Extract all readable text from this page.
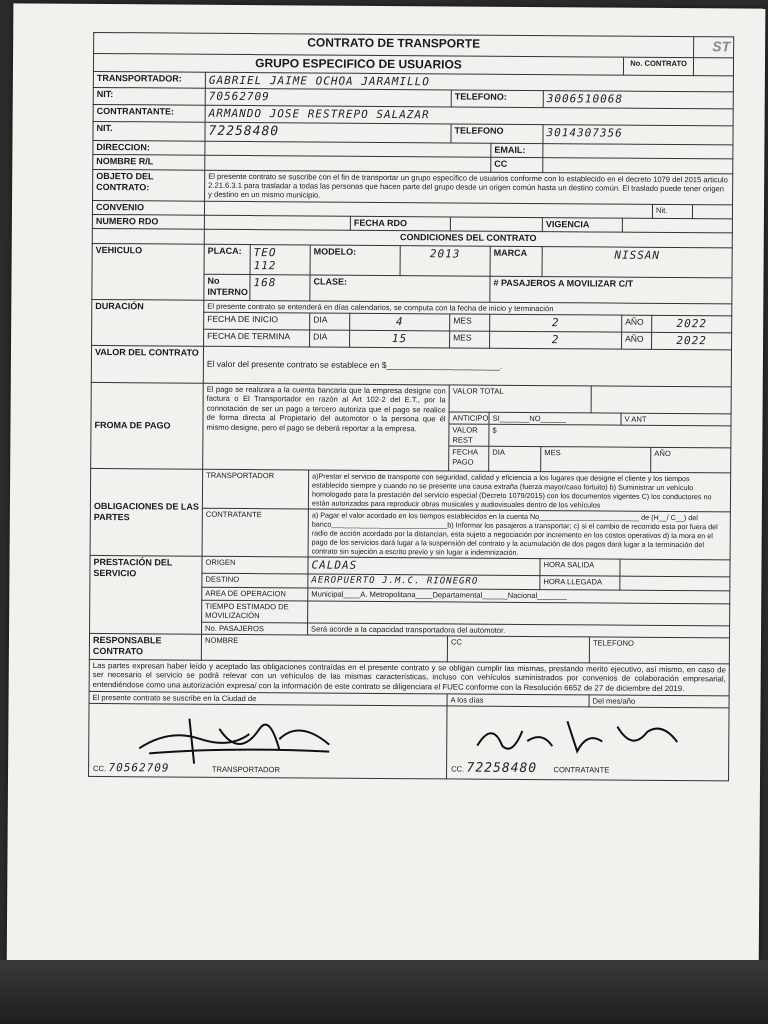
CONTRATO DE TRANSPORTE												ST
GRUPO ESPECIFICO DE USUARIOS										No. CONTRATO		
TRANSPORTADOR:	GABRIEL JAIME OCHOA JARAMILLO											
NIT:	70562709					TELEFONO:		3006510068				
CONTRANTANTE:	ARMANDO JOSE RESTREPO SALAZAR											
NIT.	72258480					TELEFONO		3014307356				
DIRECCION:							EMAIL:					
NOMBRE R/L							CC					
OBJETO DEL CONTRATO:	El presente contrato se suscribe con el fin de transportar un grupo específico de usuarios conforme con lo establecido en el decreto 1079 del 2015 articulo 2.21.6.3.1 para trasladar a todas las personas que hacen parte del grupo desde un origen común hasta un destino común. El traslado puede tener origen y destino en un mismo municipio.											
CONVENIO											Nit.	
NUMERO RDO				FECHA RDO				VIGENCIA				
	CONDICIONES DEL CONTRATO											
VEHICULO	PLACA:	TEO 112	MODELO:		2013		MARCA	NISSAN				
	No INTERNO	168	CLASE:				# PASAJEROS A MOVILIZAR C/T					
DURACIÓN	El presente contrato se entenderá en días calendarios, se computa con la fecha de inicio y terminación											
	FECHA DE INICIO		DIA	4		MES	2			AÑO	2022	
	FECHA DE TERMINA		DIA	15		MES	2			AÑO	2022	
VALOR DEL CONTRATO	El valor del presente contrato se establece en $________________________.											
FROMA DE PAGO	El pago se realizara a la cuenta bancaria que la empresa designe con factura o El Transportador en razón al Art 102-2 del E.T., por la connotación de ser un pago a tercero autoriza que el pago se realice de forma directa al Propietario del automotor o la persona que él mismo designe, pero el pago se deberá reportar a la empresa.					VALOR TOTAL						
						ANTICIPO	SI_______NO______			V ANT		
						VALOR REST	$					
						FECHA PAGO	DIA	MES			AÑO	
OBLIGACIONES DE LAS PARTES	TRANSPORTADOR		a)Prestar el servicio de transporte con seguridad, calidad y eficiencia a los lugares que designe el cliente y los tiempos establecido siempre y cuando no se presente una causa extraña (fuerza mayor/caso fortuito) b) Suministrar un vehículo homologado para la prestación del servicio especial (Decreto 1079/2015) con los documentos vigentes C) los conductores no están autorizados para reproducir obras musicales y audiovisuales dentro de los vehículos									
	CONTRATANTE		a) Pagar el valor acordado en los tiempos establecidos en la cuenta No_________________________ de (H__/ C__) del banco_____________________________b) Informar los pasajeros a transportar; c) si el cambio de recorrido esta por fuera del radio de acción acordado por la distancian, esta sujeto a negociación por incremento en los costos operativos d) la mora en el pago de los servicios dará lugar a la suspensión del contrato y la acumulación de dos pagos dará lugar a la terminación del contrato sin sujeción a escrito previo y sin lugar a indemnización.									
PRESTACIÓN DEL SERVICIO	ORIGEN		CALDAS					HORA SALIDA				
	DESTINO		AEROPUERTO J.M.C. RIONEGRO					HORA LLEGADA				
	AREA DE OPERACION		Municipal____A. Metropolitana____Departamental______Nacional_______									
	TIEMPO ESTIMADO DE MOVILIZACIÓN											
	No. PASAJEROS		Será acorde a la capacidad transportadora del automotor.									
RESPONSABLE CONTRATO	NOMBRE					CC			TELEFONO			
Las partes expresan haber leído y aceptado las obligaciones contraídas en el presente contrato y se obligan cumplir las mismas, prestando merito ejecutivo, así mismo, en caso de ser necesario el servicio se podrá relevar con un vehículos de las mismas características, incluso con vehículos suministrados por convenios de colaboración empresarial, entendiéndose como una autorización expresa/ con la información de este contrato se diligenciara el FUEC conforme con la Resolución 6652 de 27 de diciembre del 2019.												
El presente contrato se suscribe en la Ciudad de						A los días			Del mes/año			

CC. 70562709 TRANSPORTADOR						CC. 72258480 CONTRATANTE						
